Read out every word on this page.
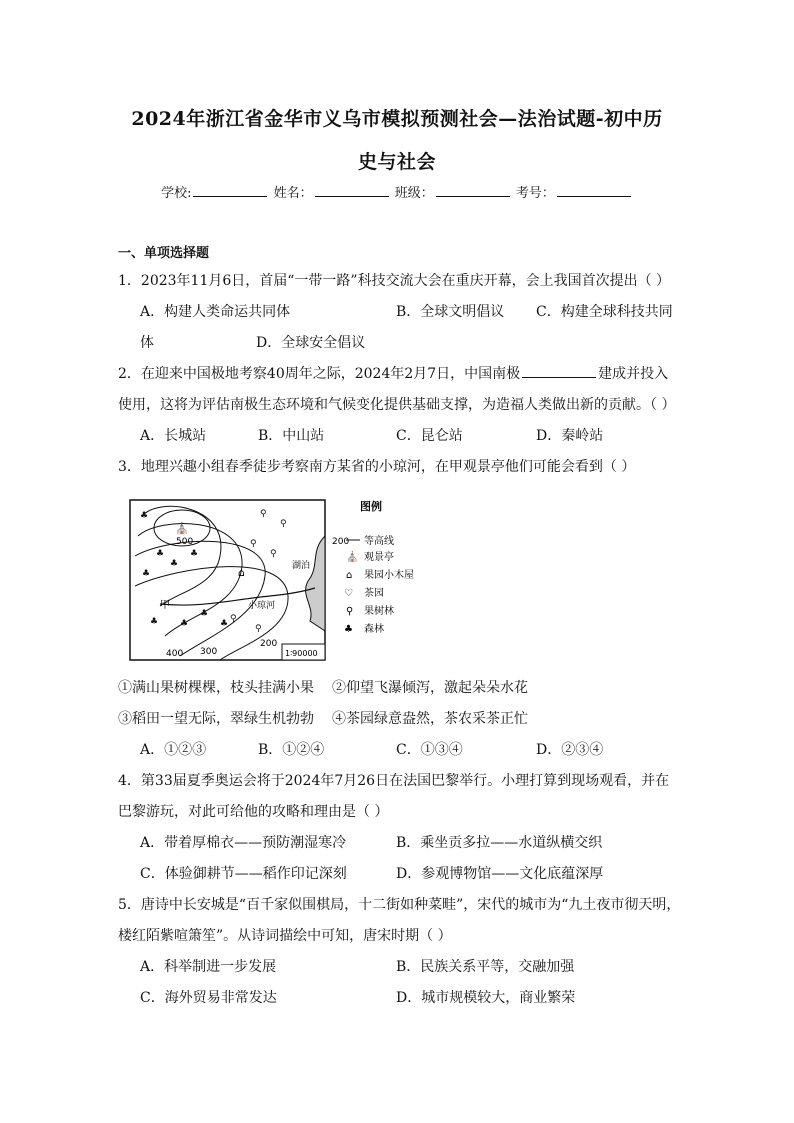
2024年浙江省金华市义乌市模拟预测社会—法治试题-初中历
史与社会
学校:	姓名：	班级：	考号：
一、单项选择题
1．2023年11月6日，首届“一带一路”科技交流大会在重庆开幕，会上我国首次提出（ ）
A．构建人类命运共同体	B．全球文明倡议 C．构建全球科技共同
体	D．全球安全倡议
2．在迎来中国极地考察40周年之际，2024年2月7日，中国南极	建成并投入
使用，这将为评估南极生态环境和气候变化提供基础支撑，为造福人类做出新的贡献。（ ）
A．长城站	B．中山站	C．昆仑站	D．秦岭站
3．地理兴趣小组春季徒步考察南方某省的小琼河，在甲观景亭他们可能会看到（ ）
湖泊
500
400 300
200
小琼河
⛪
甲
⌂
♣
♣
♣
♣
♣
♣ ♣
♣
♣
⚲
⚲
⚲
⚲
⚲
⚲
1∶90000
图例
200 等高线
⛪ 观景亭
⌂ 果园小木屋
♡ 茶园
⚲ 果树林
♣ 森林
①满山果树棵棵，枝头挂满小果 ②仰望飞瀑倾泻，激起朵朵水花
③稻田一望无际，翠绿生机勃勃 ④茶园绿意盎然，茶农采茶正忙
A．①②③	B．①②④	C．①③④	D．②③④
4．第33届夏季奥运会将于2024年7月26日在法国巴黎举行。小理打算到现场观看，并在
巴黎游玩，对此可给他的攻略和理由是（ ）
A．带着厚棉衣——预防潮湿寒冷	B．乘坐贡多拉——水道纵横交织
C．体验御耕节——稻作印记深刻	D．参观博物馆——文化底蕴深厚
5．唐诗中长安城是“百千家似围棋局，十二街如种菜畦”，宋代的城市为“九土夜市彻天明，
楼红陌紫喧箫笙”。从诗词描绘中可知，唐宋时期（ ）
A．科举制进一步发展	B．民族关系平等，交融加强
C．海外贸易非常发达	D．城市规模较大，商业繁荣
